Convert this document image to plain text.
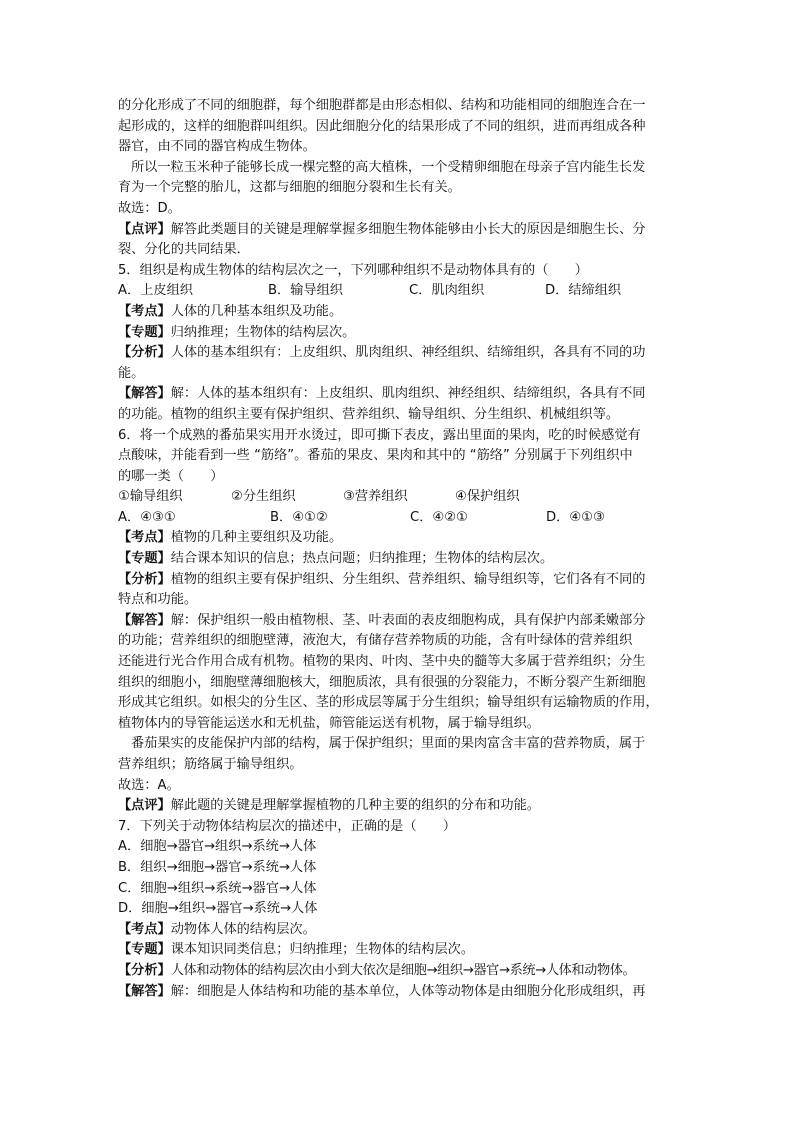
的分化形成了不同的细胞群，每个细胞群都是由形态相似、结构和功能相同的细胞连合在一
起形成的，这样的细胞群叫组织。因此细胞分化的结果形成了不同的组织，进而再组成各种
器官，由不同的器官构成生物体。
所以一粒玉米种子能够长成一棵完整的高大植株，一个受精卵细胞在母亲子宫内能生长发
育为一个完整的胎儿，这都与细胞的细胞分裂和生长有关。
故选：D。
【点评】解答此类题目的关键是理解掌握多细胞生物体能够由小长大的原因是细胞生长、分
裂、分化的共同结果．
5．组织是构成生物体的结构层次之一，下列哪种组织不是动物体具有的（　　）
A．上皮组织	B．输导组织	C．肌肉组织	D．结缔组织
【考点】人体的几种基本组织及功能。
【专题】归纳推理；生物体的结构层次。
【分析】人体的基本组织有：上皮组织、肌肉组织、神经组织、结缔组织，各具有不同的功
能。
【解答】解：人体的基本组织有：上皮组织、肌肉组织、神经组织、结缔组织，各具有不同
的功能。植物的组织主要有保护组织、营养组织、输导组织、分生组织、机械组织等。
6．将一个成熟的番茄果实用开水烫过，即可撕下表皮，露出里面的果肉，吃的时候感觉有
点酸味，并能看到一些 “筋络”。番茄的果皮、果肉和其中的 “筋络” 分别属于下列组织中
的哪一类（　　）
①输导组织	②分生组织	③营养组织	④保护组织
A．④③①	B．④①②	C．④②①	D．④①③
【考点】植物的几种主要组织及功能。
【专题】结合课本知识的信息；热点问题；归纳推理；生物体的结构层次。
【分析】植物的组织主要有保护组织、分生组织、营养组织、输导组织等，它们各有不同的
特点和功能。
【解答】解：保护组织一般由植物根、茎、叶表面的表皮细胞构成，具有保护内部柔嫩部分
的功能；营养组织的细胞壁薄，液泡大，有储存营养物质的功能，含有叶绿体的营养组织
还能进行光合作用合成有机物。植物的果肉、叶肉、茎中央的髓等大多属于营养组织；分生
组织的细胞小，细胞壁薄细胞核大，细胞质浓，具有很强的分裂能力，不断分裂产生新细胞
形成其它组织。如根尖的分生区、茎的形成层等属于分生组织；输导组织有运输物质的作用，
植物体内的导管能运送水和无机盐，筛管能运送有机物，属于输导组织。
番茄果实的皮能保护内部的结构，属于保护组织；里面的果肉富含丰富的营养物质，属于
营养组织；筋络属于输导组织。
故选：A。
【点评】解此题的关键是理解掌握植物的几种主要的组织的分布和功能。
7．下列关于动物体结构层次的描述中，正确的是（　　）
A．细胞→器官→组织→系统→人体
B．组织→细胞→器官→系统→人体
C．细胞→组织→系统→器官→人体
D．细胞→组织→器官→系统→人体
【考点】动物体人体的结构层次。
【专题】课本知识同类信息；归纳推理；生物体的结构层次。
【分析】人体和动物体的结构层次由小到大依次是细胞→组织→器官→系统→人体和动物体。
【解答】解：细胞是人体结构和功能的基本单位，人体等动物体是由细胞分化形成组织，再
